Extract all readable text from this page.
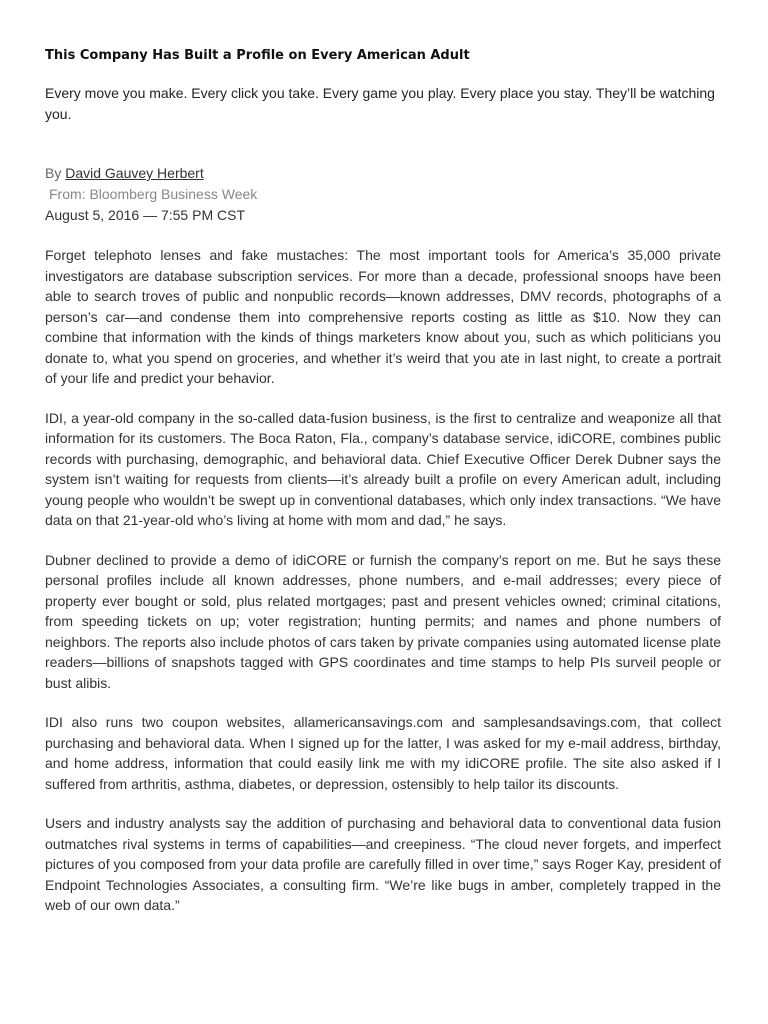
This Company Has Built a Profile on Every American Adult

Every move you make. Every click you take. Every game you play. Every place you stay. They’ll be watching you.

By David Gauvey Herbert
From: Bloomberg Business Week
August 5, 2016 — 7:55 PM CST

Forget telephoto lenses and fake mustaches: The most important tools for America’s 35,000 private investigators are database subscription services. For more than a decade, professional snoops have been able to search troves of public and nonpublic records—known addresses, DMV records, photographs of a person’s car—and condense them into comprehensive reports costing as little as $10. Now they can combine that information with the kinds of things marketers know about you, such as which politicians you donate to, what you spend on groceries, and whether it’s weird that you ate in last night, to create a portrait of your life and predict your behavior.

IDI, a year-old company in the so-called data-fusion business, is the first to centralize and weaponize all that information for its customers. The Boca Raton, Fla., company’s database service, idiCORE, combines public records with purchasing, demographic, and behavioral data. Chief Executive Officer Derek Dubner says the system isn’t waiting for requests from clients—it’s already built a profile on every American adult, including young people who wouldn’t be swept up in conventional databases, which only index transactions. “We have data on that 21-year-old who’s living at home with mom and dad,” he says.

Dubner declined to provide a demo of idiCORE or furnish the company’s report on me. But he says these personal profiles include all known addresses, phone numbers, and e-mail addresses; every piece of property ever bought or sold, plus related mortgages; past and present vehicles owned; criminal citations, from speeding tickets on up; voter registration; hunting permits; and names and phone numbers of neighbors. The reports also include photos of cars taken by private companies using automated license plate readers—billions of snapshots tagged with GPS coordinates and time stamps to help PIs surveil people or bust alibis.

IDI also runs two coupon websites, allamericansavings.com and samplesandsavings.com, that collect purchasing and behavioral data. When I signed up for the latter, I was asked for my e-mail address, birthday, and home address, information that could easily link me with my idiCORE profile. The site also asked if I suffered from arthritis, asthma, diabetes, or depression, ostensibly to help tailor its discounts.

Users and industry analysts say the addition of purchasing and behavioral data to conventional data fusion outmatches rival systems in terms of capabilities—and creepiness. “The cloud never forgets, and imperfect pictures of you composed from your data profile are carefully filled in over time,” says Roger Kay, president of Endpoint Technologies Associates, a consulting firm. “We’re like bugs in amber, completely trapped in the web of our own data.”
